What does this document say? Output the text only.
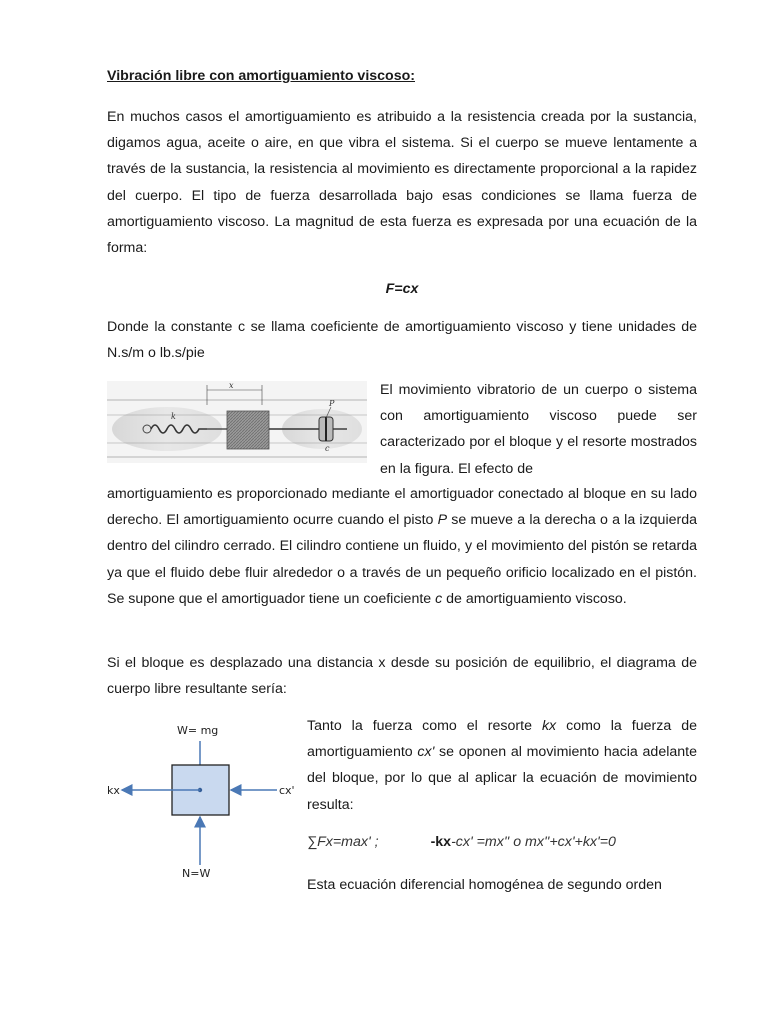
Vibración libre con amortiguamiento viscoso:

En muchos casos el amortiguamiento es atribuido a la resistencia creada por la sustancia, digamos agua, aceite o aire, en que vibra el sistema. Si el cuerpo se mueve lentamente a través de la sustancia, la resistencia al movimiento es directamente proporcional a la rapidez del cuerpo. El tipo de fuerza desarrollada bajo esas condiciones se llama fuerza de amortiguamiento viscoso. La magnitud de esta fuerza es expresada por una ecuación de la forma:

F=cx

Donde la constante c se llama coeficiente de amortiguamiento viscoso y tiene unidades de N.s/m o lb.s/pie

x
k
P
c

El movimiento vibratorio de un cuerpo o sistema con amortiguamiento viscoso puede ser caracterizado por el bloque y el resorte mostrados en la figura. El efecto de

amortiguamiento es proporcionado mediante el amortiguador conectado al bloque en su lado derecho. El amortiguamiento ocurre cuando el pisto P se mueve a la derecha o a la izquierda dentro del cilindro cerrado. El cilindro contiene un fluido, y el movimiento del pistón se retarda ya que el fluido debe fluir alrededor o a través de un pequeño orificio localizado en el pistón. Se supone que el amortiguador tiene un coeficiente c de amortiguamiento viscoso.

Si el bloque es desplazado una distancia x desde su posición de equilibrio, el diagrama de cuerpo libre resultante sería:

W= mg
kx	cx'
N=W

Tanto la fuerza como el resorte kx como la fuerza de amortiguamiento cx' se oponen al movimiento hacia adelante del bloque, por lo que al aplicar la ecuación de movimiento resulta:

∑Fx=max' ;	-kx-cx' =mx'' o mx''+cx'+kx'=0

Esta ecuación diferencial homogénea de segundo orden
